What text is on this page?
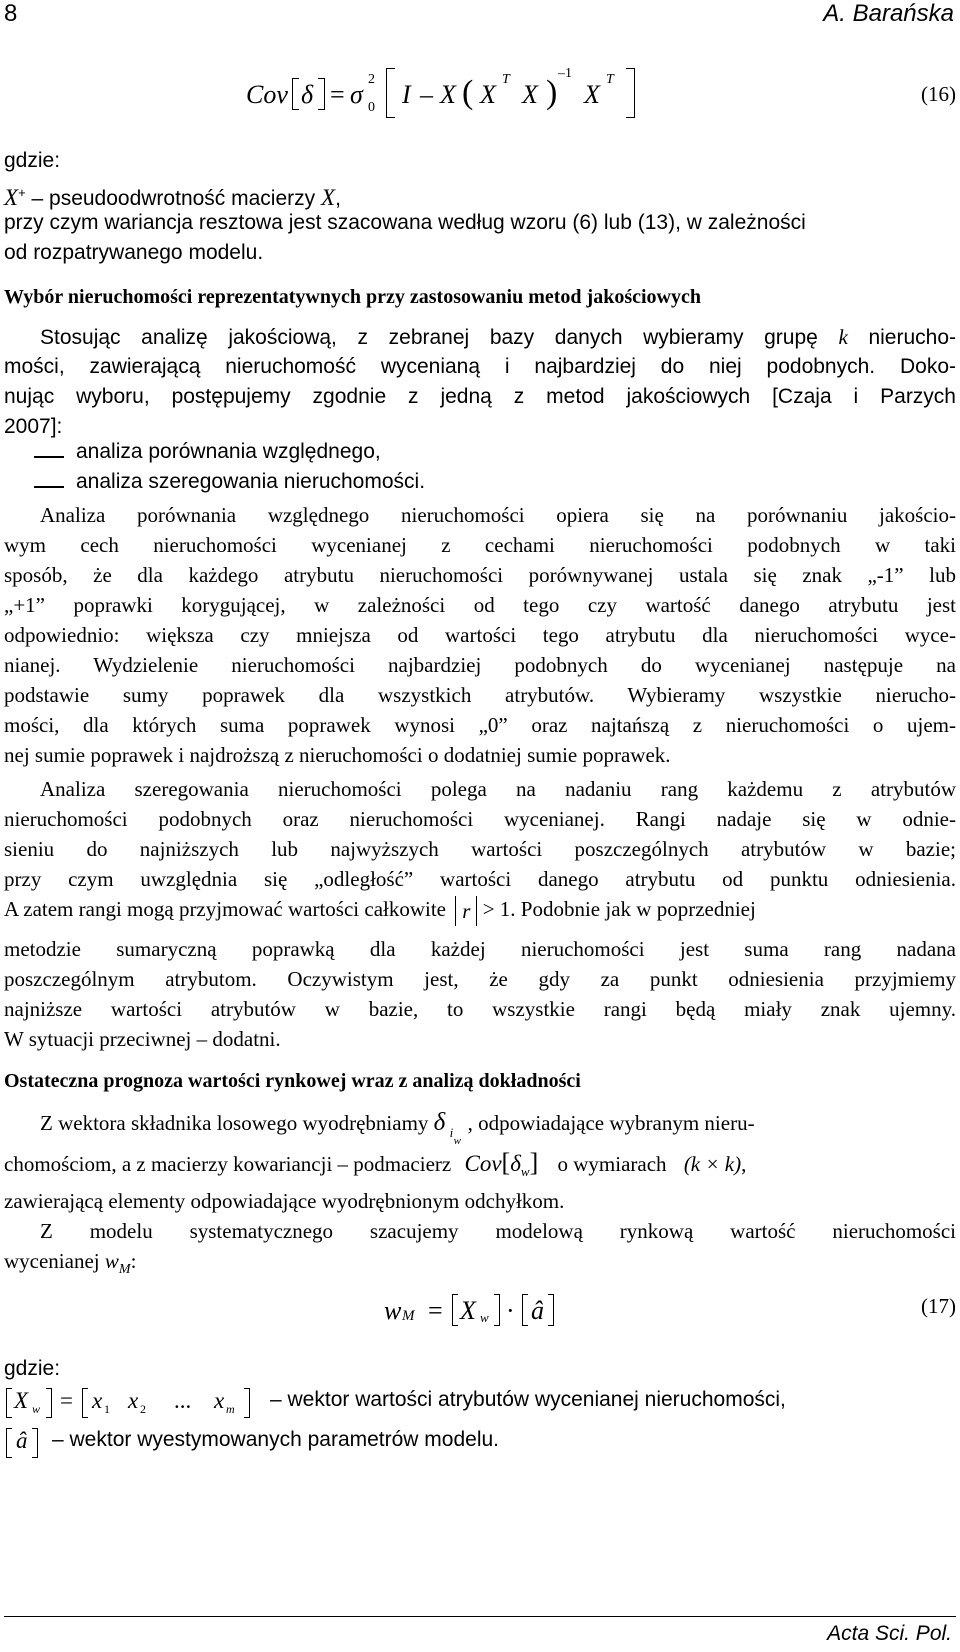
8	A. Barańska
Cov δ = σ
2
0 I – X ( X
T
X )
–1
X
T
(16)
gdzie:
X+ – pseudoodwrotność macierzy X,
przy czym wariancja resztowa jest szacowana według wzoru (6) lub (13), w zależności
od rozpatrywanego modelu.
Wybór nieruchomości reprezentatywnych przy zastosowaniu metod jakościowych
Stosując analizę jakościową, z zebranej bazy danych wybieramy grupę k nierucho-
mości, zawierającą nieruchomość wycenianą i najbardziej do niej podobnych. Doko-
nując wyboru, postępujemy zgodnie z jedną z metod jakościowych [Czaja i Parzych
2007]:
analiza porównania względnego,
analiza szeregowania nieruchomości.
Analiza porównania względnego nieruchomości opiera się na porównaniu jakościo-
wym cech nieruchomości wycenianej z cechami nieruchomości podobnych w taki
sposób, że dla każdego atrybutu nieruchomości porównywanej ustala się znak „-1” lub
„+1” poprawki korygującej, w zależności od tego czy wartość danego atrybutu jest
odpowiednio: większa czy mniejsza od wartości tego atrybutu dla nieruchomości wyce-
nianej. Wydzielenie nieruchomości najbardziej podobnych do wycenianej następuje na
podstawie sumy poprawek dla wszystkich atrybutów. Wybieramy wszystkie nierucho-
mości, dla których suma poprawek wynosi „0” oraz najtańszą z nieruchomości o ujem-
nej sumie poprawek i najdroższą z nieruchomości o dodatniej sumie poprawek.
Analiza szeregowania nieruchomości polega na nadaniu rang każdemu z atrybutów
nieruchomości podobnych oraz nieruchomości wycenianej. Rangi nadaje się w odnie-
sieniu do najniższych lub najwyższych wartości poszczególnych atrybutów w bazie;
przy czym uwzględnia się „odległość” wartości danego atrybutu od punktu odniesienia.
A zatem rangi mogą przyjmować wartości całkowite r > 1. Podobnie jak w poprzedniej
metodzie sumaryczną poprawką dla każdej nieruchomości jest suma rang nadana
poszczególnym atrybutom. Oczywistym jest, że gdy za punkt odniesienia przyjmiemy
najniższe wartości atrybutów w bazie, to wszystkie rangi będą miały znak ujemny.
W sytuacji przeciwnej – dodatni.
Ostateczna prognoza wartości rynkowej wraz z analizą dokładności
Z wektora składnika losowego wyodrębniamy δ i
w
, odpowiadające wybranym nieru-
chomościom, a z macierzy kowariancji – podmacierz $Cov[\delta_w]$ o wymiarach (k × k),
zawierającą elementy odpowiadające wyodrębnionym odchyłkom.
Z modelu systematycznego szacujemy modelową rynkową wartość nieruchomości
wycenianej $w_M$:
w M = X w · â	(17)
gdzie:
X w = x 1 x 2 ... x m – wektor wartości atrybutów wycenianej nieruchomości,
â – wektor wyestymowanych parametrów modelu.
Acta Sci. Pol.
